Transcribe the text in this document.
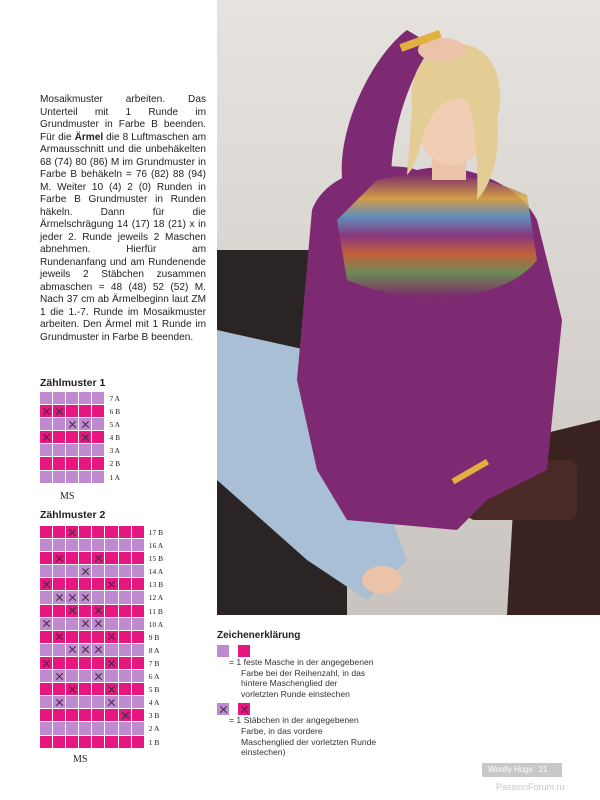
Mosaikmuster arbeiten. Das Unterteil mit 1 Runde im Grundmuster in Farbe B beenden. Für die Ärmel die 8 Luftmaschen am Armausschnitt und die unbehäkelten 68 (74) 80 (86) M im Grundmuster in Farbe B behäkeln = 76 (82) 88 (94) M. Weiter 10 (4) 2 (0) Runden in Farbe B Grundmuster in Runden häkeln. Dann für die Ärmelschrägung 14 (17) 18 (21) x in jeder 2. Runde jeweils 2 Maschen abnehmen. Hierfür am Rundenanfang und am Rundenende jeweils 2 Stäbchen zusammen abmaschen = 48 (48) 52 (52) M. Nach 37 cm ab Ärmelbeginn laut ZM 1 die 1.-7. Runde im Mosaikmuster arbeiten. Den Ärmel mit 1 Runde im Grundmuster in Farbe B beenden.

Zählmuster 1
7 A
6 B
5 A
4 B
3 A
2 B
1 A
MS
Zählmuster 2
17 B
16 A
15 B
14 A
13 B
12 A
11 B
10 A
9 B
8 A
7 B
6 A
5 B
4 A
3 B
2 A
1 B
MS
Zeichenerklärung
= 1 feste Masche in der angegebenen Farbe bei der Reihenzahl, in das hintere Maschenglied der vorletzten Runde einstechen
= 1 Stäbchen in der angegebenen Farbe, in das vordere Maschenglied der vorletzten Runde einstechen)
Woolly Hugs 21
PassionForum.ru
